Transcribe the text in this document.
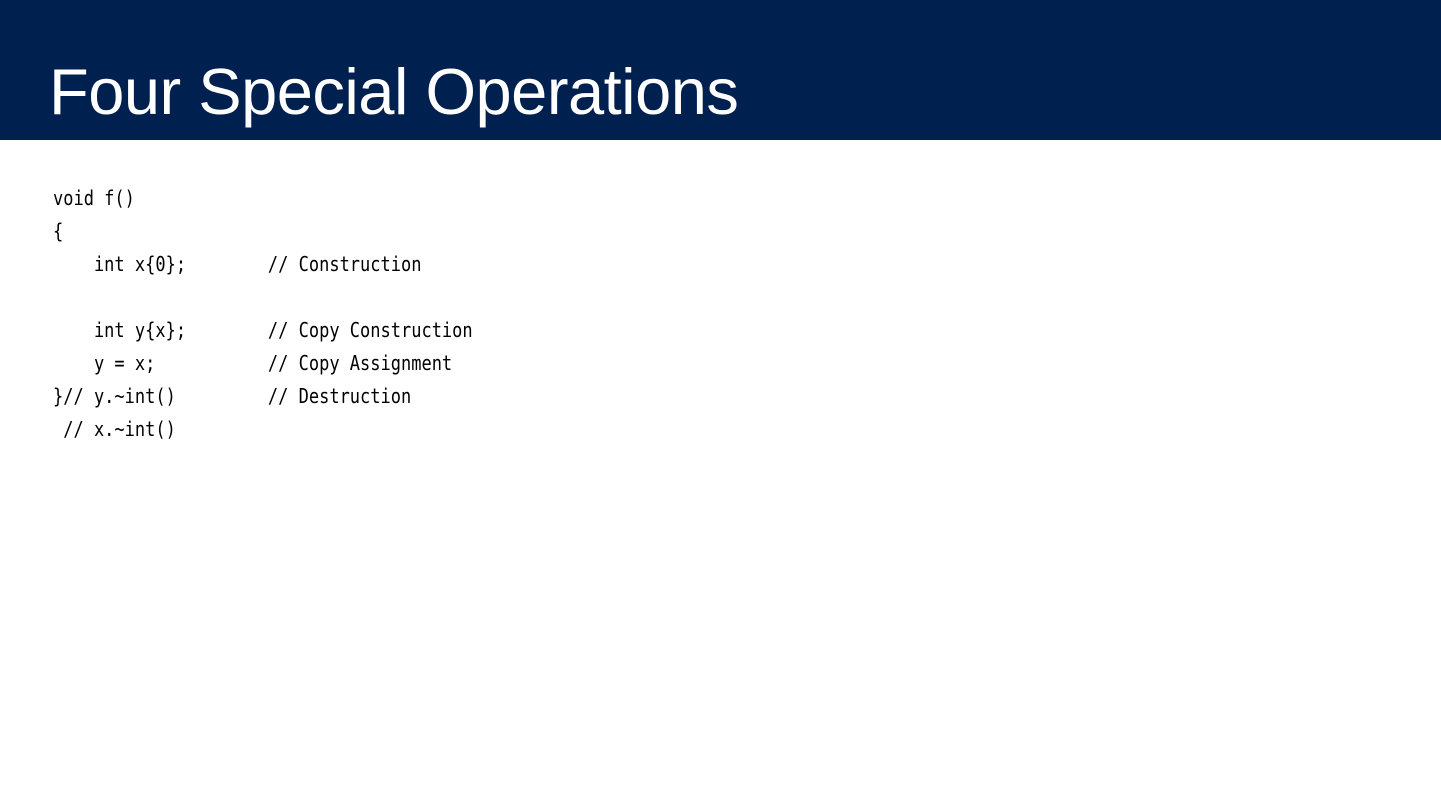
Four Special Operations
void f()
{
int x{0};        // Construction
int y{x};        // Copy Construction
y = x;           // Copy Assignment
}// y.~int()         // Destruction
// x.~int()
